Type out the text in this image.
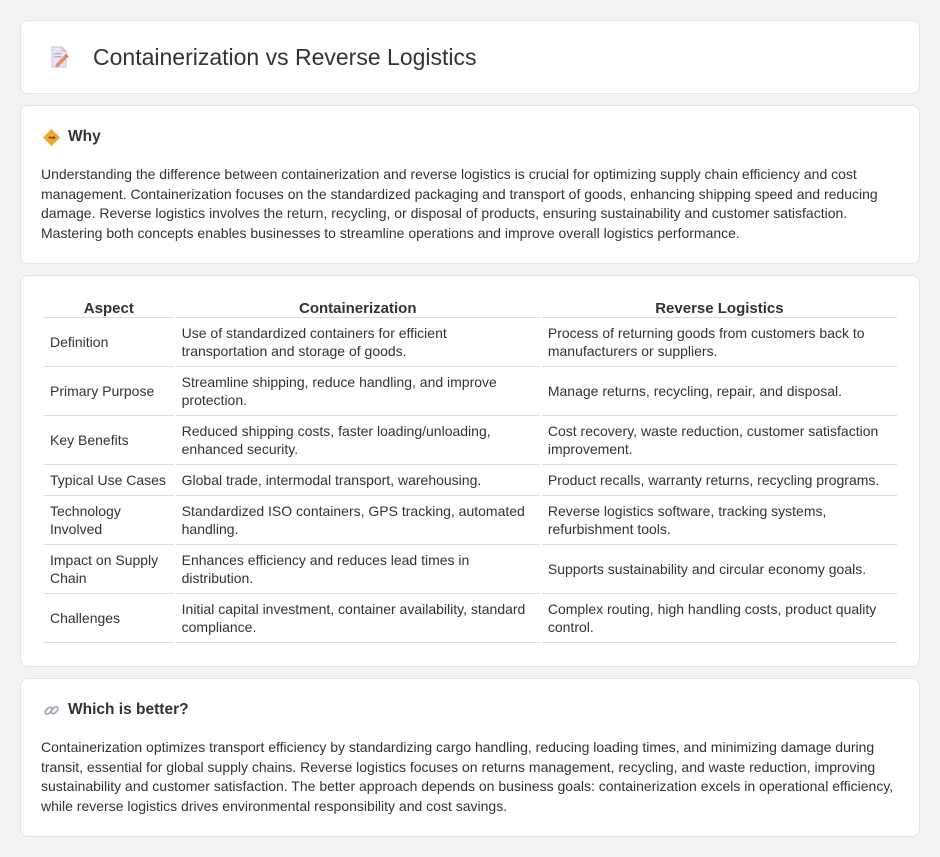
Containerization vs Reverse Logistics
Why

Understanding the difference between containerization and reverse logistics is crucial for optimizing supply chain efficiency and cost management. Containerization focuses on the standardized packaging and transport of goods, enhancing shipping speed and reducing damage. Reverse logistics involves the return, recycling, or disposal of products, ensuring sustainability and customer satisfaction. Mastering both concepts enables businesses to streamline operations and improve overall logistics performance.

Aspect	Containerization	Reverse Logistics
Definition	Use of standardized containers for efficient transportation and storage of goods.	Process of returning goods from customers back to manufacturers or suppliers.
Primary Purpose	Streamline shipping, reduce handling, and improve protection.	Manage returns, recycling, repair, and disposal.
Key Benefits	Reduced shipping costs, faster loading/unloading, enhanced security.	Cost recovery, waste reduction, customer satisfaction improvement.
Typical Use Cases	Global trade, intermodal transport, warehousing.	Product recalls, warranty returns, recycling programs.
Technology Involved	Standardized ISO containers, GPS tracking, automated handling.	Reverse logistics software, tracking systems, refurbishment tools.
Impact on Supply Chain	Enhances efficiency and reduces lead times in distribution.	Supports sustainability and circular economy goals.
Challenges	Initial capital investment, container availability, standard compliance.	Complex routing, high handling costs, product quality control.
Which is better?

Containerization optimizes transport efficiency by standardizing cargo handling, reducing loading times, and minimizing damage during transit, essential for global supply chains. Reverse logistics focuses on returns management, recycling, and waste reduction, improving sustainability and customer satisfaction. The better approach depends on business goals: containerization excels in operational efficiency, while reverse logistics drives environmental responsibility and cost savings.
